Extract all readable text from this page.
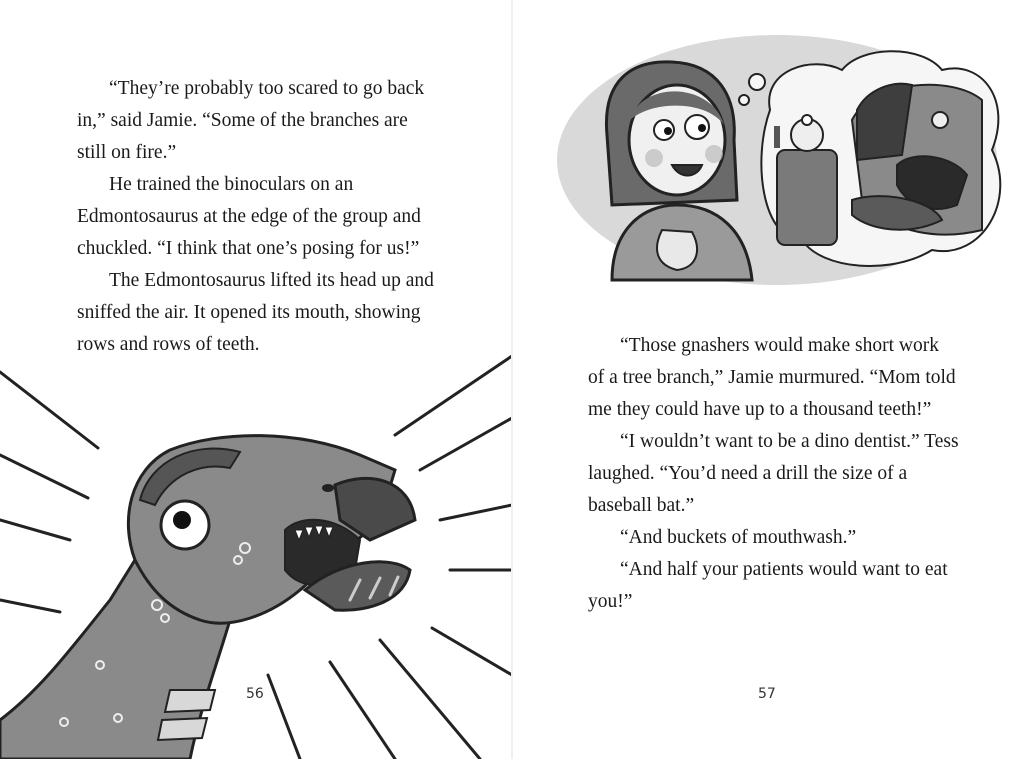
“They’re probably too scared to go back in,” said Jamie. “Some of the branches are still on fire.”

He trained the binoculars on an Edmontosaurus at the edge of the group and chuckled. “I think that one’s posing for us!”

The Edmontosaurus lifted its head up and sniffed the air. It opened its mouth, showing rows and rows of teeth.

56

“Those gnashers would make short work of a tree branch,” Jamie murmured. “Mom told me they could have up to a thousand teeth!”

“I wouldn’t want to be a dino dentist.” Tess laughed. “You’d need a drill the size of a baseball bat.”

“And buckets of mouthwash.”

“And half your patients would want to eat you!”

57
